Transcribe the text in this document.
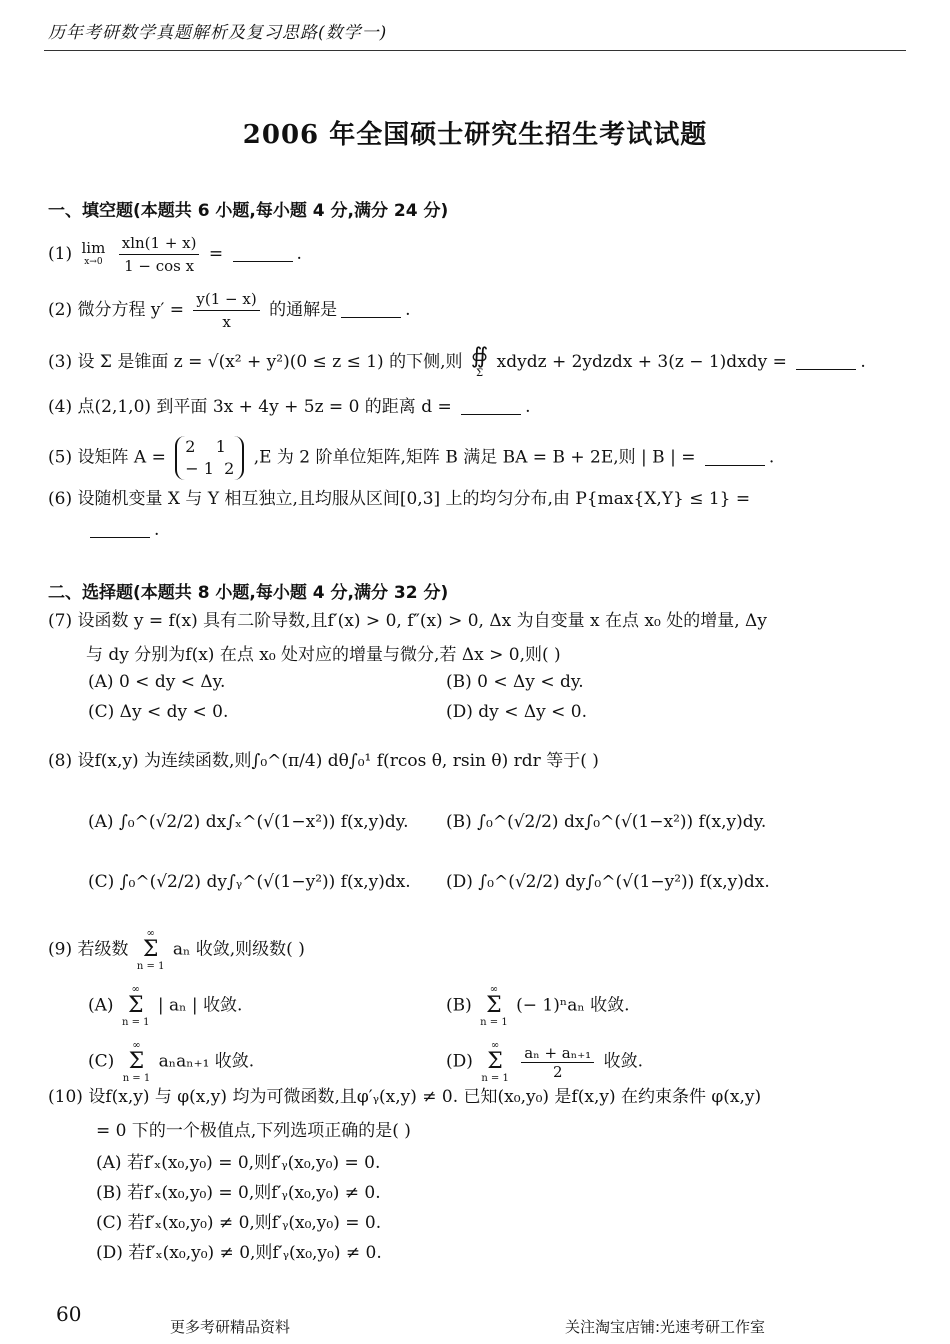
历年考研数学真题解析及复习思路(数学一)
2006 年全国硕士研究生招生考试试题
一、填空题(本题共 6 小题,每小题 4 分,满分 24 分)
(1) lim
x→0
$\frac{xln(1 + x)}{\text{1 − cos x}}$ =	.
(2) 微分方程 $y' = \frac{y(1 - x)}{x}$ 的通解是	.
(3) 设 Σ 是锥面 z = √(x² + y²)(0 ≤ z ≤ 1) 的下侧,则 ∯
Σ xdydz + 2ydzdx + 3(z − 1)dxdy =	.
(4) 点(2,1,0) 到平面 3x + 4y + 5z = 0 的距离 d =	.
(5) 设矩阵 A = 2 1
− 1 2 ,E 为 2 阶单位矩阵,矩阵 B 满足 BA = B + 2E,则 | B | =	.
(6) 设随机变量 X 与 Y 相互独立,且均服从区间[0,3] 上的均匀分布,由 P{max{X,Y} ≤ 1} =
.
二、选择题(本题共 8 小题,每小题 4 分,满分 32 分)
(7) 设函数 y = f(x) 具有二阶导数,且f′(x) > 0, f″(x) > 0, Δx 为自变量 x 在点 x₀ 处的增量, Δy
与 dy 分别为f(x) 在点 x₀ 处对应的增量与微分,若 Δx > 0,则( )
(A) 0 < dy < Δy.	(B) 0 < Δy < dy.
(C) Δy < dy < 0.	(D) dy < Δy < 0.
(8) 设f(x,y) 为连续函数,则∫₀^(π/4) dθ∫₀¹ f(rcos θ, rsin θ) rdr 等于( )
(A) ∫₀^(√2/2) dx∫ₓ^(√(1−x²)) f(x,y)dy. (B) ∫₀^(√2/2) dx∫₀^(√(1−x²)) f(x,y)dy.
(C) ∫₀^(√2/2) dy∫ᵧ^(√(1−y²)) f(x,y)dx. (D) ∫₀^(√2/2) dy∫₀^(√(1−y²)) f(x,y)dx.
(9) 若级数 ∞
Σ
n = 1 aₙ 收敛,则级数( )
(A) ∞
Σ
n = 1 | aₙ | 收敛.	(B) ∞
Σ
n = 1 (− 1)ⁿaₙ 收敛.
(C) ∞
Σ
n = 1 aₙaₙ₊₁ 收敛.	(D) ∞
Σ
$n = 1 \frac{\text{aₙ + aₙ₊₁}}{2}$ 收敛.
(10) 设f(x,y) 与 φ(x,y) 均为可微函数,且φ′ᵧ(x,y) ≠ 0. 已知(x₀,y₀) 是f(x,y) 在约束条件 φ(x,y)
= 0 下的一个极值点,下列选项正确的是( )
(A) 若f′ₓ(x₀,y₀) = 0,则f′ᵧ(x₀,y₀) = 0.
(B) 若f′ₓ(x₀,y₀) = 0,则f′ᵧ(x₀,y₀) ≠ 0.
(C) 若f′ₓ(x₀,y₀) ≠ 0,则f′ᵧ(x₀,y₀) = 0.
(D) 若f′ₓ(x₀,y₀) ≠ 0,则f′ᵧ(x₀,y₀) ≠ 0.
60
更多考研精品资料	关注淘宝店铺:光速考研工作室
